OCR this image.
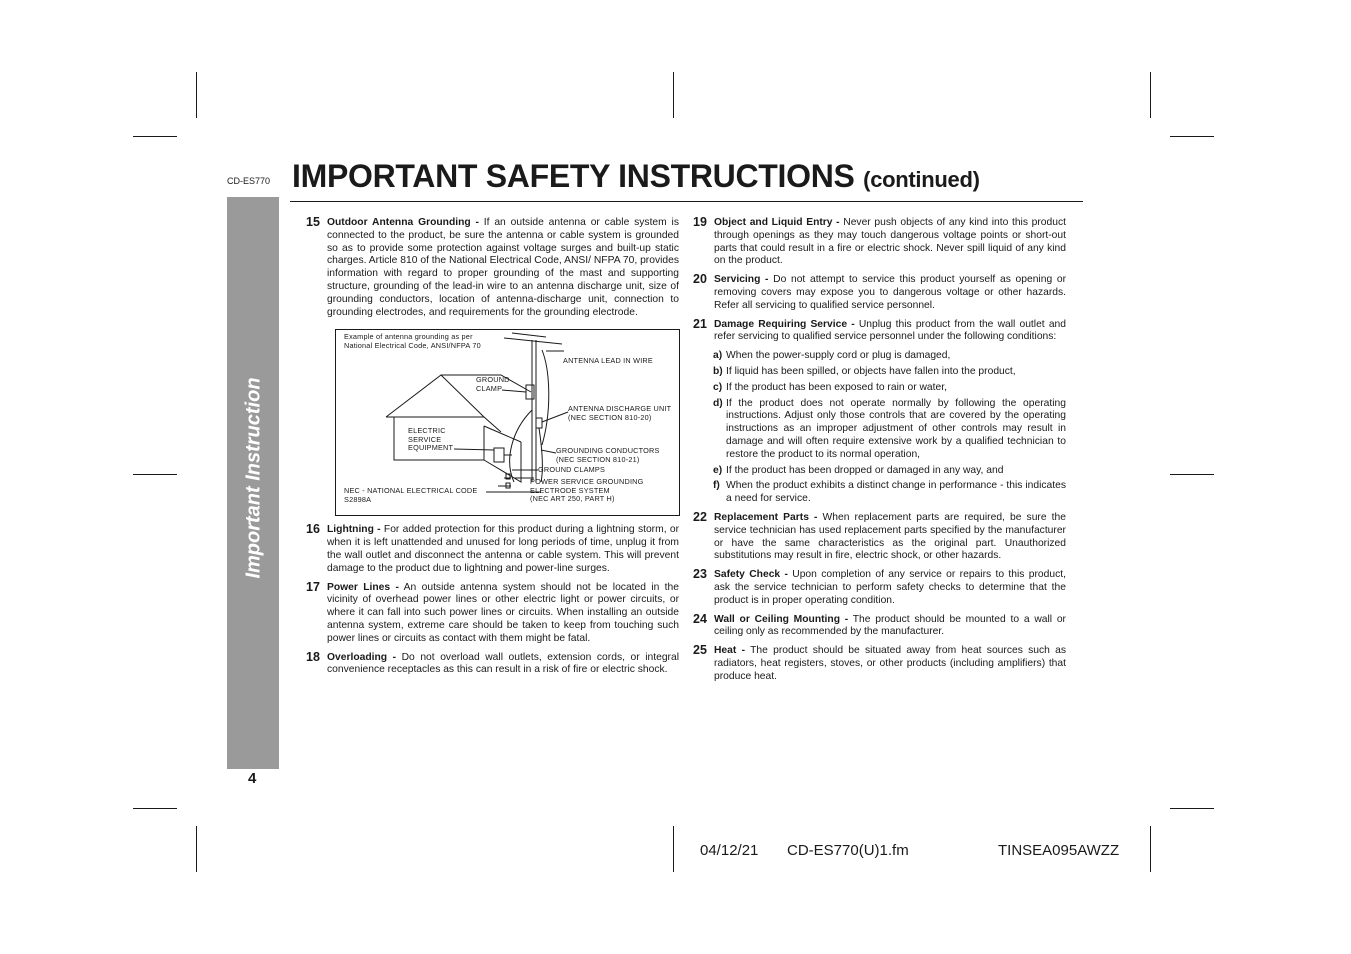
CD-ES770 IMPORTANT SAFETY INSTRUCTIONS (continued)
Important Instruction
4
15 Outdoor Antenna Grounding - If an outside antenna or cable system is connected to the product, be sure the antenna or cable system is grounded so as to provide some protection against voltage surges and built-up static charges. Article 810 of the National Electrical Code, ANSI/ NFPA 70, provides information with regard to proper grounding of the mast and supporting structure, grounding of the lead-in wire to an antenna discharge unit, size of grounding conductors, location of antenna-discharge unit, connection to grounding electrodes, and requirements for the grounding electrode.
Example of antenna grounding as per
National Electrical Code, ANSI/NFPA 70
ANTENNA LEAD IN WIRE
GROUND
CLAMP
ANTENNA DISCHARGE UNIT
(NEC SECTION 810-20)
ELECTRIC
SERVICE
EQUIPMENT	GROUNDING CONDUCTORS
(NEC SECTION 810-21)
GROUND CLAMPS
POWER SERVICE GROUNDING
ELECTRODE SYSTEM
(NEC ART 250, PART H)
NEC - NATIONAL ELECTRICAL CODE
S2898A
16 Lightning - For added protection for this product during a lightning storm, or when it is left unattended and unused for long periods of time, unplug it from the wall outlet and disconnect the antenna or cable system. This will prevent damage to the product due to lightning and power-line surges.
17 Power Lines - An outside antenna system should not be located in the vicinity of overhead power lines or other electric light or power circuits, or where it can fall into such power lines or circuits. When installing an outside antenna system, extreme care should be taken to keep from touching such power lines or circuits as contact with them might be fatal.
18 Overloading - Do not overload wall outlets, extension cords, or integral convenience receptacles as this can result in a risk of fire or electric shock.
19 Object and Liquid Entry - Never push objects of any kind into this product through openings as they may touch dangerous voltage points or short-out parts that could result in a fire or electric shock. Never spill liquid of any kind on the product.
20 Servicing - Do not attempt to service this product yourself as opening or removing covers may expose you to dangerous voltage or other hazards. Refer all servicing to qualified service personnel.
21 Damage Requiring Service - Unplug this product from the wall outlet and refer servicing to qualified service personnel under the following conditions:
a) When the power-supply cord or plug is damaged,
b) If liquid has been spilled, or objects have fallen into the product,
c) If the product has been exposed to rain or water,
d) If the product does not operate normally by following the operating instructions. Adjust only those controls that are covered by the operating instructions as an improper adjustment of other controls may result in damage and will often require extensive work by a qualified technician to restore the product to its normal operation,
e) If the product has been dropped or damaged in any way, and
f) When the product exhibits a distinct change in performance - this indicates a need for service.
22 Replacement Parts - When replacement parts are required, be sure the service technician has used replacement parts specified by the manufacturer or have the same characteristics as the original part. Unauthorized substitutions may result in fire, electric shock, or other hazards.
23 Safety Check - Upon completion of any service or repairs to this product, ask the service technician to perform safety checks to determine that the product is in proper operating condition.
24 Wall or Ceiling Mounting - The product should be mounted to a wall or ceiling only as recommended by the manufacturer.
25 Heat - The product should be situated away from heat sources such as radiators, heat registers, stoves, or other products (including amplifiers) that produce heat.
04/12/21 CD-ES770(U)1.fm	TINSEA095AWZZ
